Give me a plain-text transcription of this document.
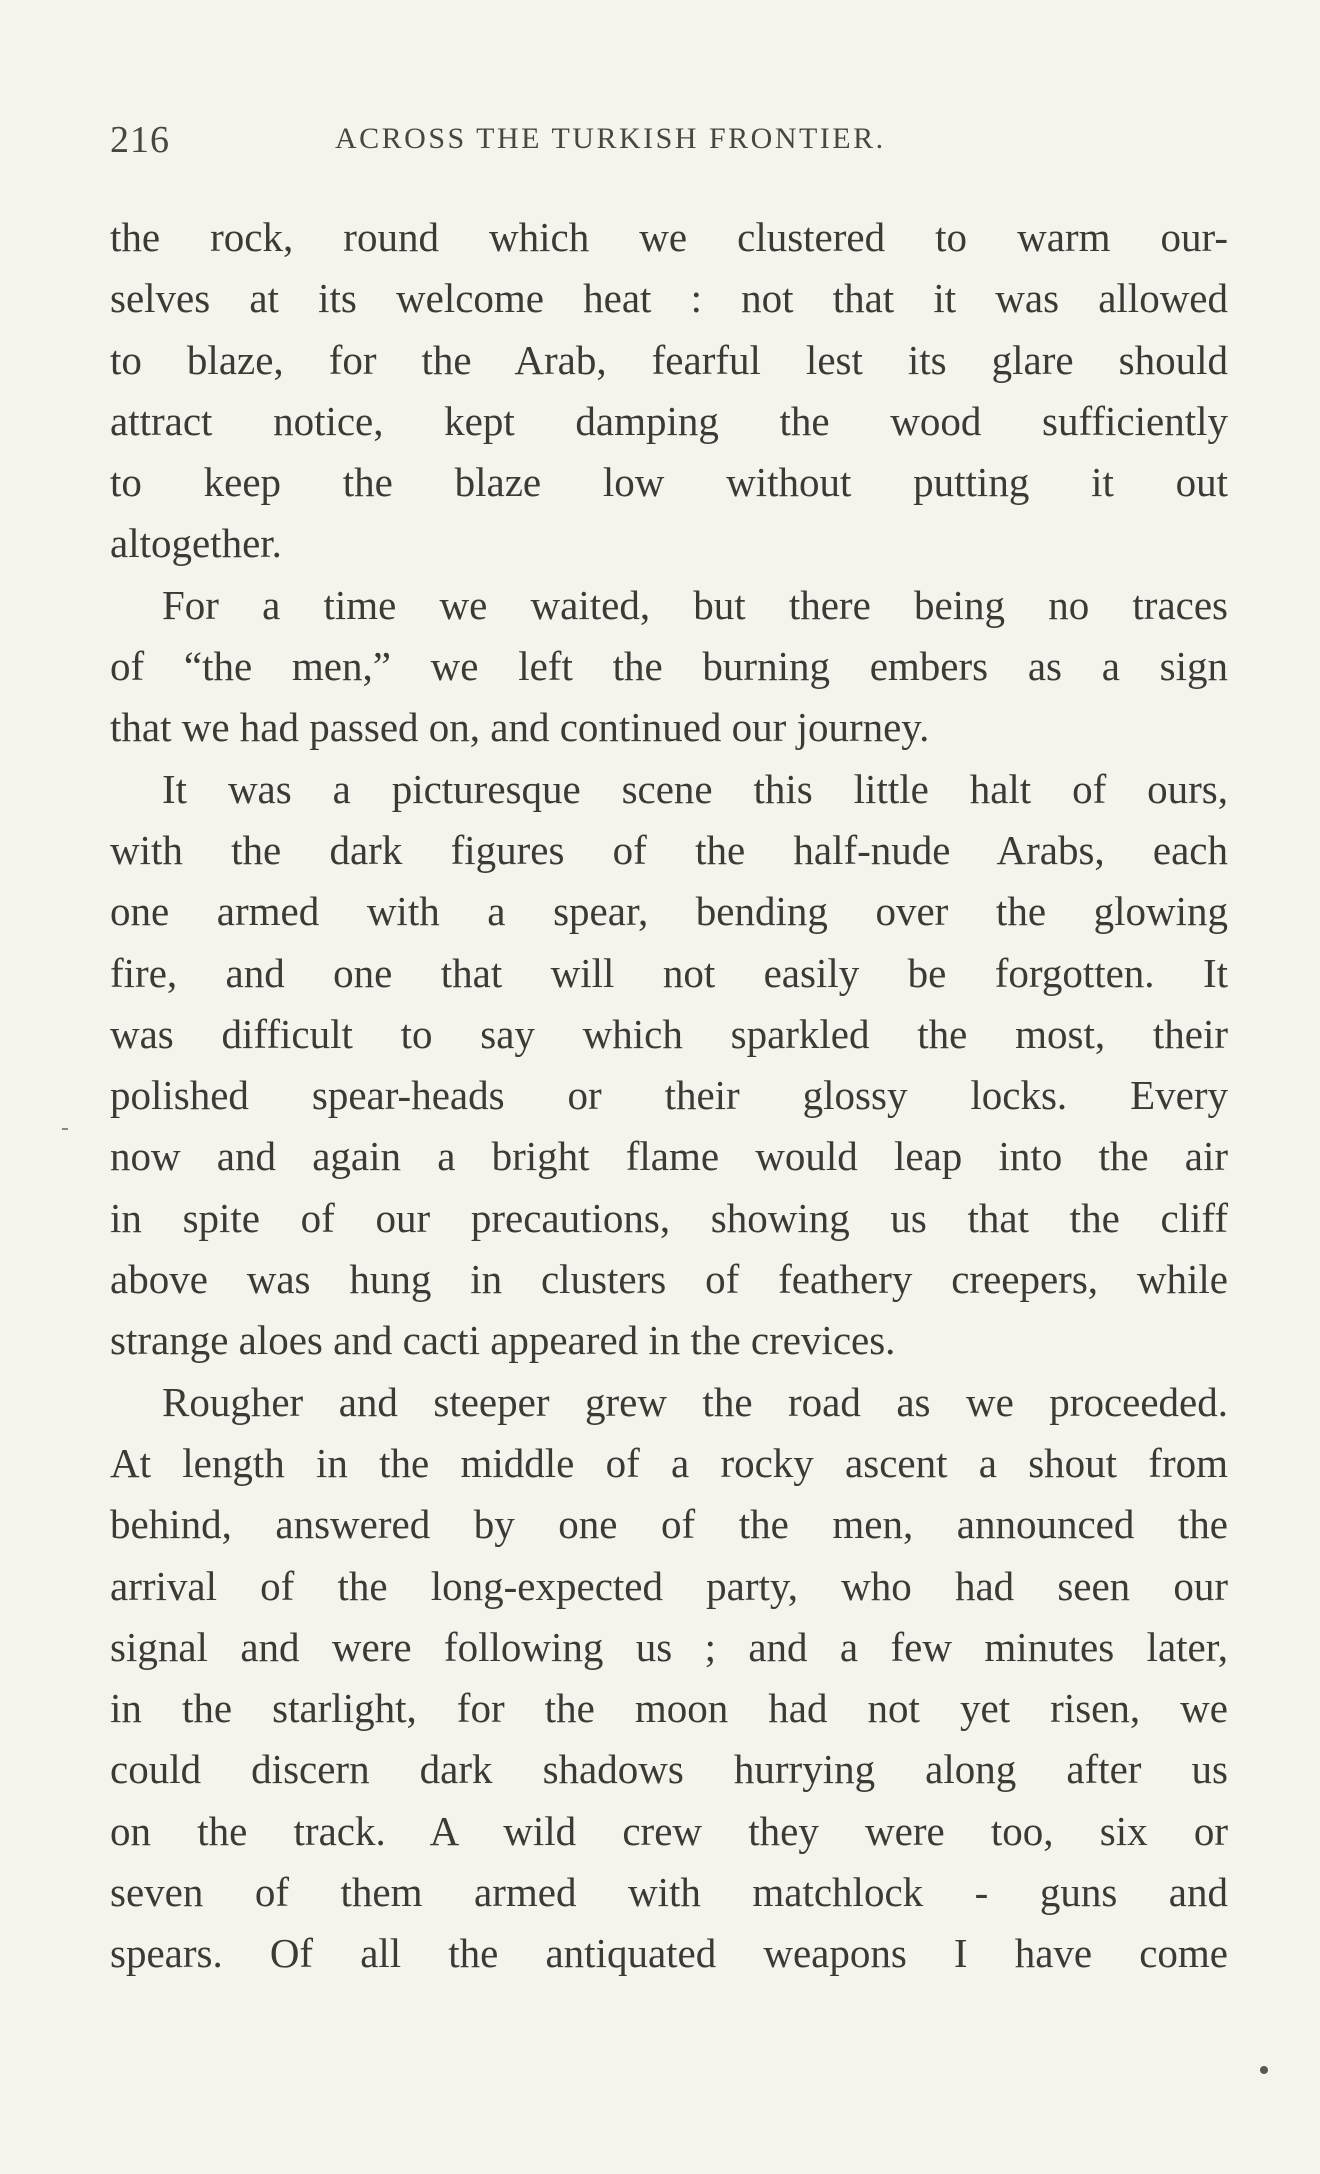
216	ACROSS THE TURKISH FRONTIER.
the rock, round which we clustered to warm our-
selves at its welcome heat : not that it was allowed
to blaze, for the Arab, fearful lest its glare should
attract notice, kept damping the wood sufficiently
to keep the blaze low without putting it out
altogether.
For a time we waited, but there being no traces
of “the men,” we left the burning embers as a sign
that we had passed on, and continued our journey.
It was a picturesque scene this little halt of ours,
with the dark figures of the half-nude Arabs, each
one armed with a spear, bending over the glowing
fire, and one that will not easily be forgotten. It
was difficult to say which sparkled the most, their
polished spear-heads or their glossy locks. Every
now and again a bright flame would leap into the air
in spite of our precautions, showing us that the cliff
above was hung in clusters of feathery creepers, while
strange aloes and cacti appeared in the crevices.
Rougher and steeper grew the road as we proceeded.
At length in the middle of a rocky ascent a shout from
behind, answered by one of the men, announced the
arrival of the long-expected party, who had seen our
signal and were following us ; and a few minutes later,
in the starlight, for the moon had not yet risen, we
could discern dark shadows hurrying along after us
on the track. A wild crew they were too, six or
seven of them armed with matchlock - guns and
spears. Of all the antiquated weapons I have come
